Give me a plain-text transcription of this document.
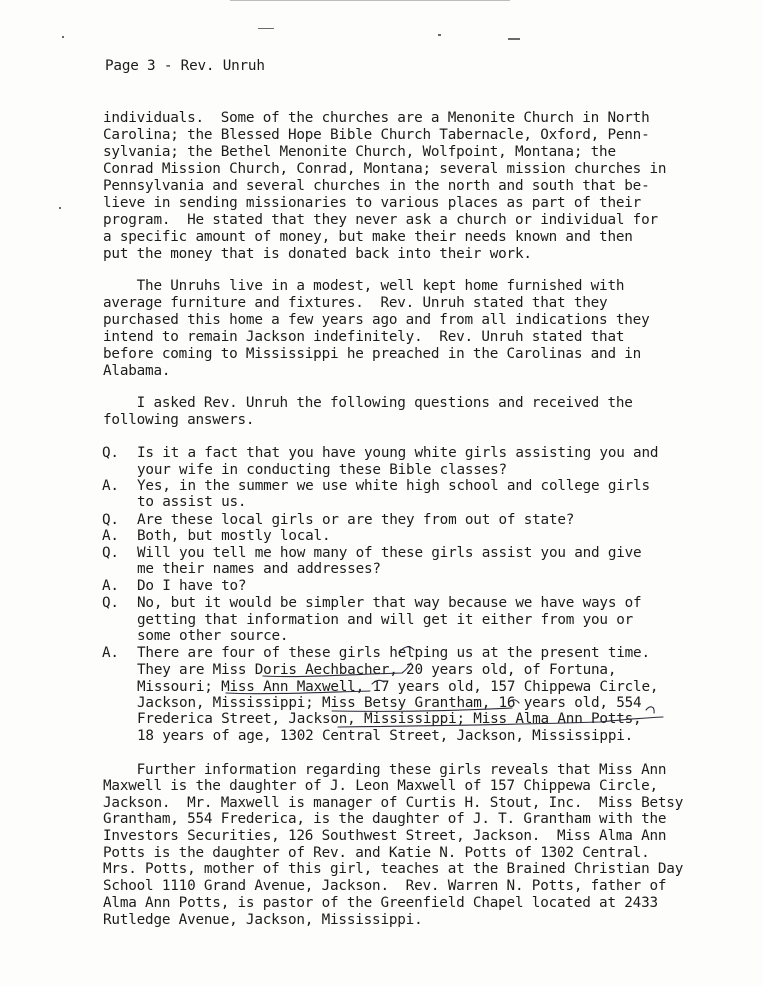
Page 3 - Rev. Unruh
individuals.  Some of the churches are a Menonite Church in North
Carolina; the Blessed Hope Bible Church Tabernacle, Oxford, Penn-
sylvania; the Bethel Menonite Church, Wolfpoint, Montana; the
Conrad Mission Church, Conrad, Montana; several mission churches in
Pennsylvania and several churches in the north and south that be-
lieve in sending missionaries to various places as part of their
program.  He stated that they never ask a church or individual for
a specific amount of money, but make their needs known and then
put the money that is donated back into their work.
The Unruhs live in a modest, well kept home furnished with
average furniture and fixtures.  Rev. Unruh stated that they
purchased this home a few years ago and from all indications they
intend to remain Jackson indefinitely.  Rev. Unruh stated that
before coming to Mississippi he preached in the Carolinas and in
Alabama.
I asked Rev. Unruh the following questions and received the
following answers.
Q. Is it a fact that you have young white girls assisting you and
your wife in conducting these Bible classes?
A. Yes, in the summer we use white high school and college girls
to assist us.
Q. Are these local girls or are they from out of state?
A. Both, but mostly local.
Q. Will you tell me how many of these girls assist you and give
me their names and addresses?
A. Do I have to?
Q. No, but it would be simpler that way because we have ways of
getting that information and will get it either from you or
some other source.
A. There are four of these girls helping us at the present time.
They are Miss Doris Aechbacher, 20 years old, of Fortuna,
Missouri; Miss Ann Maxwell, 17 years old, 157 Chippewa Circle,
Jackson, Mississippi; Miss Betsy Grantham, 16 years old, 554
Frederica Street, Jackson, Mississippi; Miss Alma Ann Potts,
18 years of age, 1302 Central Street, Jackson, Mississippi.
Further information regarding these girls reveals that Miss Ann
Maxwell is the daughter of J. Leon Maxwell of 157 Chippewa Circle,
Jackson.  Mr. Maxwell is manager of Curtis H. Stout, Inc.  Miss Betsy
Grantham, 554 Frederica, is the daughter of J. T. Grantham with the
Investors Securities, 126 Southwest Street, Jackson.  Miss Alma Ann
Potts is the daughter of Rev. and Katie N. Potts of 1302 Central.
Mrs. Potts, mother of this girl, teaches at the Brained Christian Day
School 1110 Grand Avenue, Jackson.  Rev. Warren N. Potts, father of
Alma Ann Potts, is pastor of the Greenfield Chapel located at 2433
Rutledge Avenue, Jackson, Mississippi.
